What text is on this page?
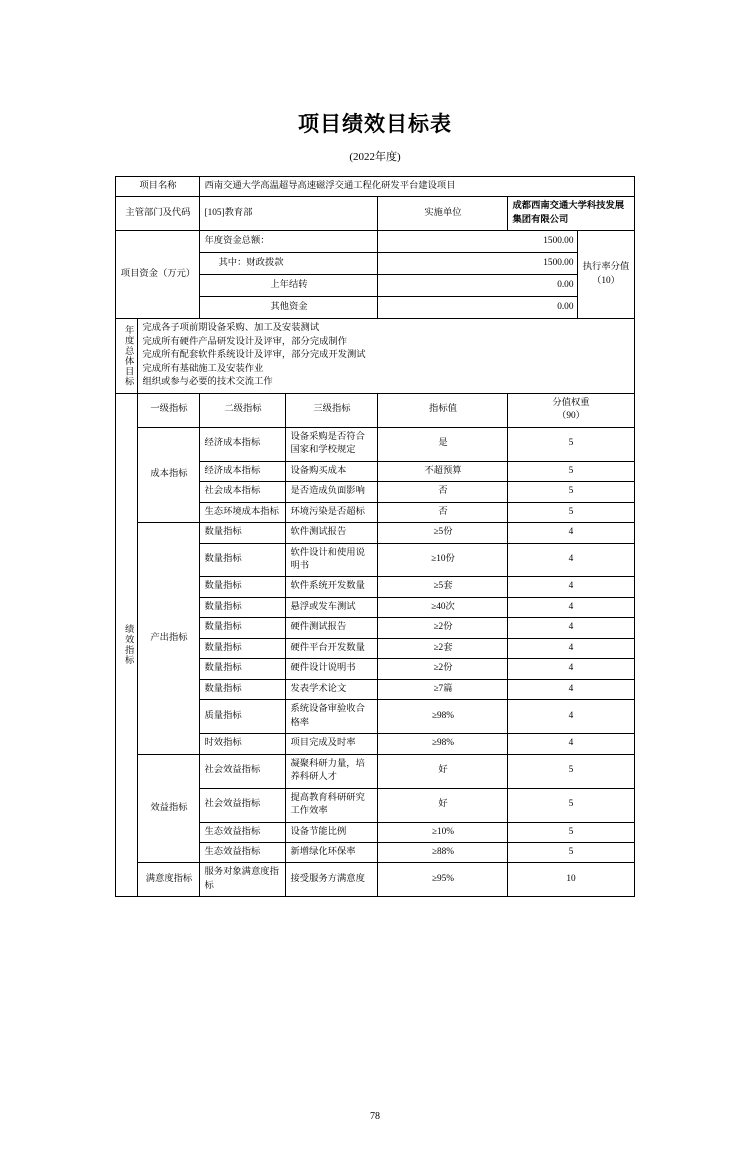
项目绩效目标表
(2022年度)
项目名称		西南交通大学高温超导高速磁浮交通工程化研发平台建设项目				
主管部门及代码		[105]教育部		实施单位	成都西南交通大学科技发展集团有限公司	
项目资金（万元）		年度资金总额：		1500.00		执行率分值
（10）

		其中：财政拨款		1500.00		
		上年结转		0.00		
		其他资金		0.00		

年度总体目标	完成各子项前期设备采购、加工及安装测试
完成所有硬件产品研发设计及评审，部分完成制作
完成所有配套软件系统设计及评审，部分完成开发测试
完成所有基础施工及安装作业
组织或参与必要的技术交流工作					

绩效指标	一级指标	二级指标	三级指标	指标值	分值权重
（90）	

	成本指标	经济成本指标	设备采购是否符合国家和学校规定	是	5	
		经济成本指标	设备购买成本	不超预算	5	
		社会成本指标	是否造成负面影响	否	5	
		生态环境成本指标	环境污染是否超标	否	5	
	产出指标	数量指标	软件测试报告	≥5份	4	
		数量指标	软件设计和使用说明书	≥10份	4	
		数量指标	软件系统开发数量	≥5套	4	
		数量指标	悬浮或发车测试	≥40次	4	
		数量指标	硬件测试报告	≥2份	4	
		数量指标	硬件平台开发数量	≥2套	4	
		数量指标	硬件设计说明书	≥2份	4	
		数量指标	发表学术论文	≥7篇	4	
		质量指标	系统设备审验收合格率	≥98%	4	
		时效指标	项目完成及时率	≥98%	4	
	效益指标	社会效益指标	凝聚科研力量，培养科研人才	好	5	
		社会效益指标	提高教育科研研究工作效率	好	5	
		生态效益指标	设备节能比例	≥10%	5	
		生态效益指标	新增绿化环保率	≥88%	5	
	满意度指标	服务对象满意度指标	接受服务方满意度	≥95%	10	
78
